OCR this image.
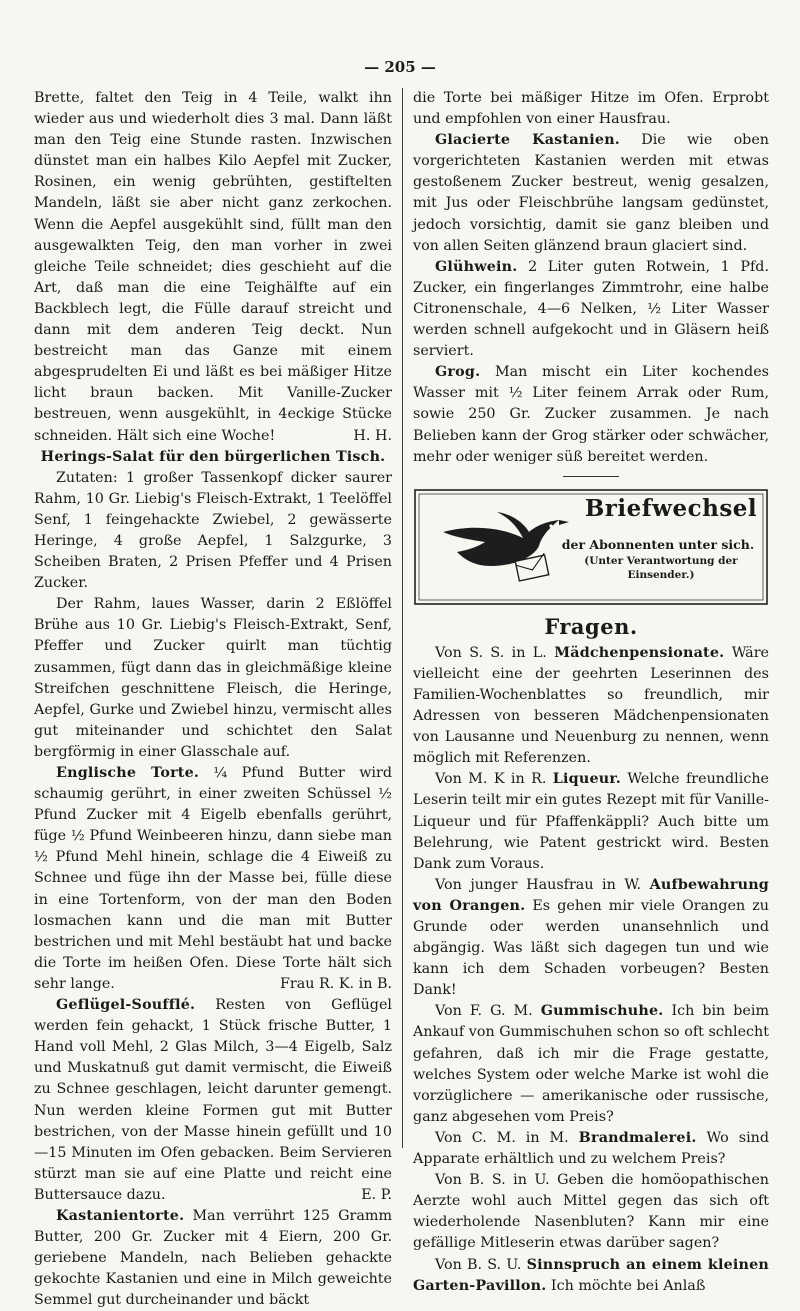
— 205 —

Brette, faltet den Teig in 4 Teile, walkt ihn wieder aus und wiederholt dies 3 mal. Dann läßt man den Teig eine Stunde rasten. Inzwischen dünstet man ein halbes Kilo Aepfel mit Zucker, Rosinen, ein wenig gebrühten, gestiftelten Mandeln, läßt sie aber nicht ganz zerkochen. Wenn die Aepfel ausgekühlt sind, füllt man den ausgewalkten Teig, den man vorher in zwei gleiche Teile schneidet; dies geschieht auf die Art, daß man die eine Teighälfte auf ein Backblech legt, die Fülle darauf streicht und dann mit dem anderen Teig deckt. Nun bestreicht man das Ganze mit einem abgesprudelten Ei und läßt es bei mäßiger Hitze licht braun backen. Mit Vanille-Zucker bestreuen, wenn ausgekühlt, in 4eckige Stücke schneiden. Hält sich eine Woche!	H. H.

Herings-Salat für den bürgerlichen Tisch.

Zutaten: 1 großer Tassenkopf dicker saurer Rahm, 10 Gr. Liebig's Fleisch-Extrakt, 1 Teelöffel Senf, 1 feingehackte Zwiebel, 2 gewässerte Heringe, 4 große Aepfel, 1 Salzgurke, 3 Scheiben Braten, 2 Prisen Pfeffer und 4 Prisen Zucker.

Der Rahm, laues Wasser, darin 2 Eßlöffel Brühe aus 10 Gr. Liebig's Fleisch-Extrakt, Senf, Pfeffer und Zucker quirlt man tüchtig zusammen, fügt dann das in gleichmäßige kleine Streifchen geschnittene Fleisch, die Heringe, Aepfel, Gurke und Zwiebel hinzu, vermischt alles gut miteinander und schichtet den Salat bergförmig in einer Glasschale auf.

Englische Torte. ¼ Pfund Butter wird schaumig gerührt, in einer zweiten Schüssel ½ Pfund Zucker mit 4 Eigelb ebenfalls gerührt, füge ½ Pfund Weinbeeren hinzu, dann siebe man ½ Pfund Mehl hinein, schlage die 4 Eiweiß zu Schnee und füge ihn der Masse bei, fülle diese in eine Tortenform, von der man den Boden losmachen kann und die man mit Butter bestrichen und mit Mehl bestäubt hat und backe die Torte im heißen Ofen. Diese Torte hält sich sehr lange.	Frau R. K. in B.

Geflügel-Soufflé. Resten von Geflügel werden fein gehackt, 1 Stück frische Butter, 1 Hand voll Mehl, 2 Glas Milch, 3—4 Eigelb, Salz und Muskatnuß gut damit vermischt, die Eiweiß zu Schnee geschlagen, leicht darunter gemengt. Nun werden kleine Formen gut mit Butter bestrichen, von der Masse hinein gefüllt und 10—15 Minuten im Ofen gebacken. Beim Servieren stürzt man sie auf eine Platte und reicht eine Buttersauce dazu.	E. P.

Kastanientorte. Man verrührt 125 Gramm Butter, 200 Gr. Zucker mit 4 Eiern, 200 Gr. geriebene Mandeln, nach Belieben gehackte gekochte Kastanien und eine in Milch geweichte Semmel gut durcheinander und bäckt

die Torte bei mäßiger Hitze im Ofen. Erprobt und empfohlen von einer Hausfrau.

Glacierte Kastanien. Die wie oben vorgerichteten Kastanien werden mit etwas gestoßenem Zucker bestreut, wenig gesalzen, mit Jus oder Fleischbrühe langsam gedünstet, jedoch vorsichtig, damit sie ganz bleiben und von allen Seiten glänzend braun glaciert sind.

Glühwein. 2 Liter guten Rotwein, 1 Pfd. Zucker, ein fingerlanges Zimmtrohr, eine halbe Citronenschale, 4—6 Nelken, ½ Liter Wasser werden schnell aufgekocht und in Gläsern heiß serviert.

Grog. Man mischt ein Liter kochendes Wasser mit ½ Liter feinem Arrak oder Rum, sowie 250 Gr. Zucker zusammen. Je nach Belieben kann der Grog stärker oder schwächer, mehr oder weniger süß bereitet werden.

Briefwechsel
der Abonnenten unter sich.
(Unter Verantwortung der Einsender.)
Fragen.

Von S. S. in L. Mädchenpensionate. Wäre vielleicht eine der geehrten Leserinnen des Familien-Wochenblattes so freundlich, mir Adressen von besseren Mädchenpensionaten von Lausanne und Neuenburg zu nennen, wenn möglich mit Referenzen.

Von M. K in R. Liqueur. Welche freundliche Leserin teilt mir ein gutes Rezept mit für Vanille-Liqueur und für Pfaffenkäppli? Auch bitte um Belehrung, wie Patent gestrickt wird. Besten Dank zum Voraus.

Von junger Hausfrau in W. Aufbewahrung von Orangen. Es gehen mir viele Orangen zu Grunde oder werden unansehnlich und abgängig. Was läßt sich dagegen tun und wie kann ich dem Schaden vorbeugen? Besten Dank!

Von F. G. M. Gummischuhe. Ich bin beim Ankauf von Gummischuhen schon so oft schlecht gefahren, daß ich mir die Frage gestatte, welches System oder welche Marke ist wohl die vorzüglichere — amerikanische oder russische, ganz abgesehen vom Preis?

Von C. M. in M. Brandmalerei. Wo sind Apparate erhältlich und zu welchem Preis?

Von B. S. in U. Geben die homöopathischen Aerzte wohl auch Mittel gegen das sich oft wiederholende Nasenbluten? Kann mir eine gefällige Mitleserin etwas darüber sagen?

Von B. S. U. Sinnspruch an einem kleinen Garten-Pavillon. Ich möchte bei Anlaß
